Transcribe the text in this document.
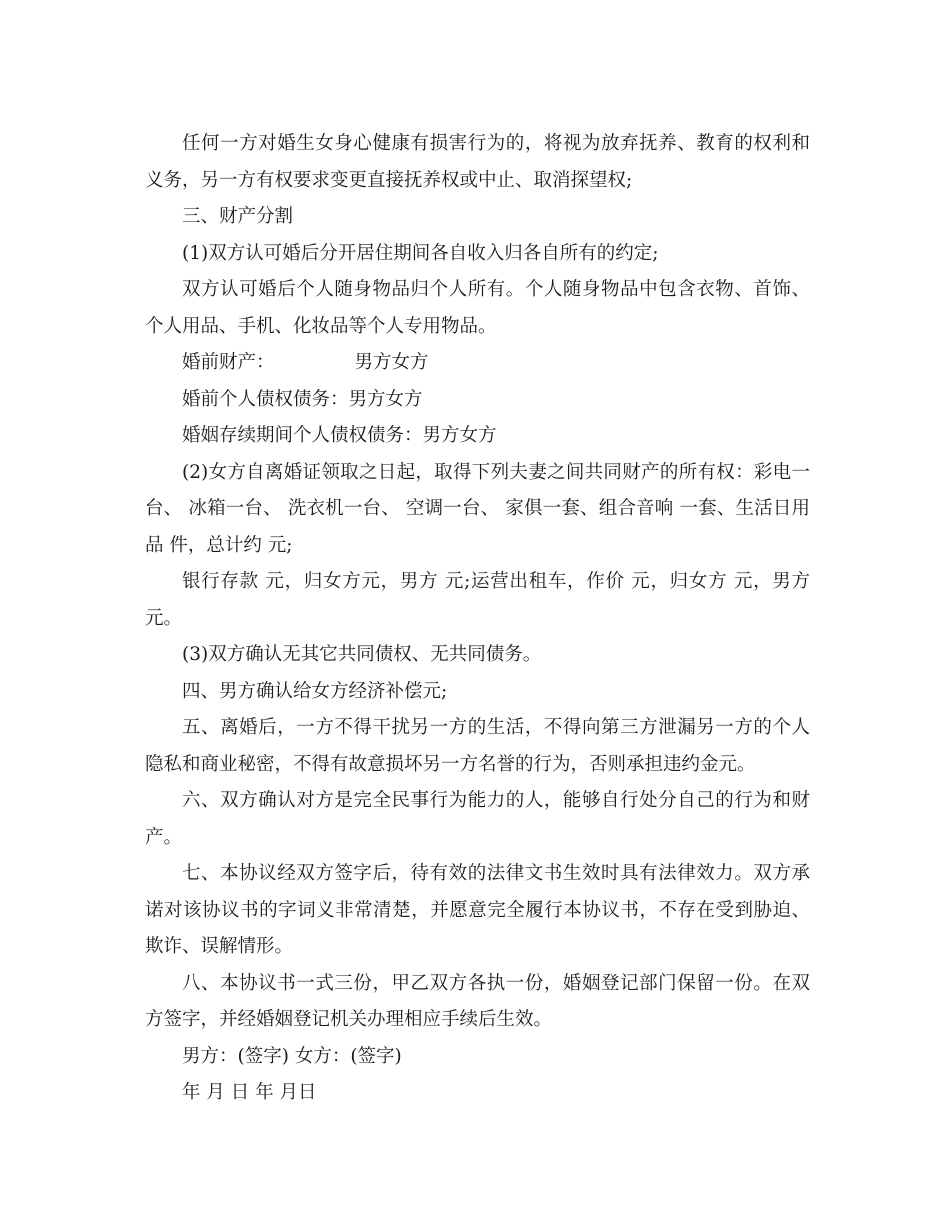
任何一方对婚生女身心健康有损害行为的，将视为放弃抚养、教育的权利和义务，另一方有权要求变更直接抚养权或中止、取消探望权;

三、财产分割

(1)双方认可婚后分开居住期间各自收入归各自所有的约定;

双方认可婚后个人随身物品归个人所有。个人随身物品中包含衣物、首饰、个人用品、手机、化妆品等个人专用物品。

婚前财产：	男方女方

婚前个人债权债务：男方女方

婚姻存续期间个人债权债务：男方女方

(2)女方自离婚证领取之日起，取得下列夫妻之间共同财产的所有权：彩电一台、 冰箱一台、 洗衣机一台、 空调一台、 家俱一套、组合音响 一套、生活日用品 件，总计约 元;

银行存款 元，归女方元，男方 元;运营出租车，作价 元，归女方 元，男方 元。

(3)双方确认无其它共同债权、无共同债务。

四、男方确认给女方经济补偿元;

五、离婚后，一方不得干扰另一方的生活，不得向第三方泄漏另一方的个人隐私和商业秘密，不得有故意损坏另一方名誉的行为，否则承担违约金元。

六、双方确认对方是完全民事行为能力的人，能够自行处分自己的行为和财产。

七、本协议经双方签字后，待有效的法律文书生效时具有法律效力。双方承诺对该协议书的字词义非常清楚，并愿意完全履行本协议书，不存在受到胁迫、欺诈、误解情形。

八、本协议书一式三份，甲乙双方各执一份，婚姻登记部门保留一份。在双方签字，并经婚姻登记机关办理相应手续后生效。

男方：(签字) 女方：(签字)

年 月 日 年 月日
